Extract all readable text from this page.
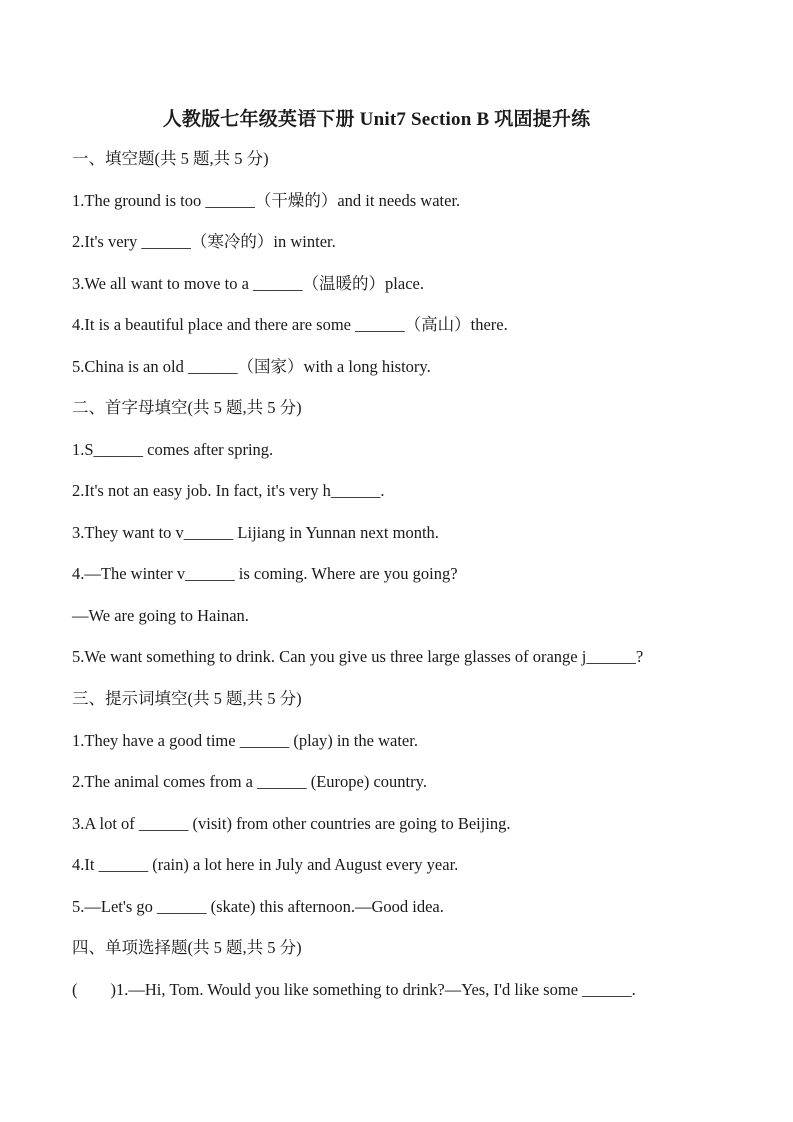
人教版七年级英语下册 Unit7 Section B 巩固提升练
一、填空题(共 5 题,共 5 分)
1.The ground is too ______（干燥的）and it needs water.
2.It's very ______（寒冷的）in winter.
3.We all want to move to a ______（温暖的）place.
4.It is a beautiful place and there are some ______（高山）there.
5.China is an old ______（国家）with a long history.
二、首字母填空(共 5 题,共 5 分)
1.S______ comes after spring.
2.It's not an easy job. In fact, it's very h______.
3.They want to v______ Lijiang in Yunnan next month.
4.—The winter v______ is coming. Where are you going?
—We are going to Hainan.
5.We want something to drink. Can you give us three large glasses of orange j______?
三、提示词填空(共 5 题,共 5 分)
1.They have a good time ______ (play) in the water.
2.The animal comes from a ______ (Europe) country.
3.A lot of ______ (visit) from other countries are going to Beijing.
4.It ______ (rain) a lot here in July and August every year.
5.—Let's go ______ (skate) this afternoon.—Good idea.
四、单项选择题(共 5 题,共 5 分)
(        )1.—Hi, Tom. Would you like something to drink?—Yes, I'd like some ______.
